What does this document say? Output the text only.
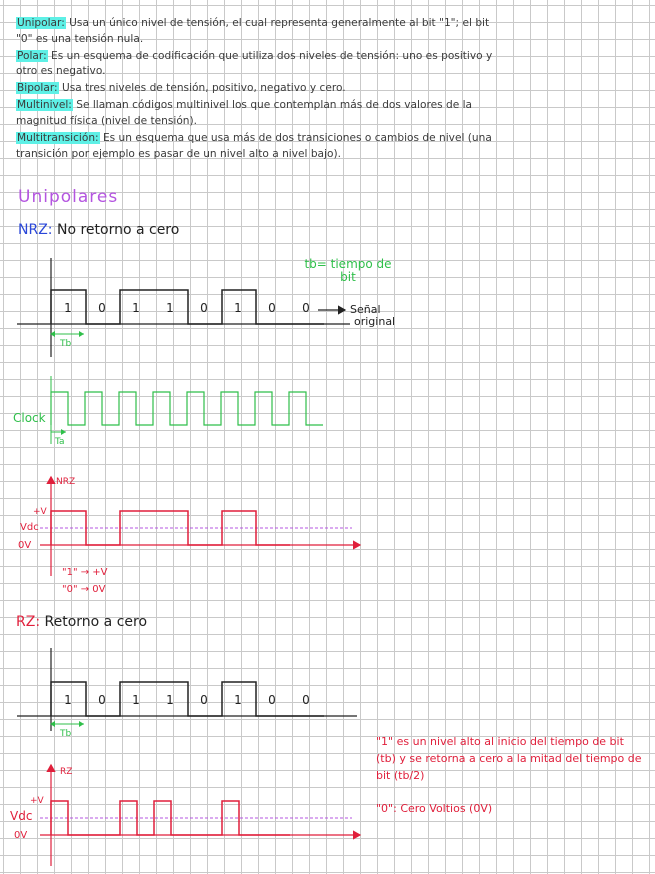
Unipolar: Usa un único nivel de tensión, el cual representa generalmente al bit "1"; el bit "0" es una tensión nula.

Polar: Es un esquema de codificación que utiliza dos niveles de tensión: uno es positivo y otro es negativo.

Bipolar: Usa tres niveles de tensión, positivo, negativo y cero.

Multinivel: Se llaman códigos multinivel los que contemplan más de dos valores de la magnitud física (nivel de tensión).

Multitransición: Es un esquema que usa más de dos transiciones o cambios de nivel (una transición por ejemplo es pasar de un nivel alto a nivel bajo).

Unipolares
NRZ: No retorno a cero
tb= tiempo de bit
Clock
RZ: Retorno a cero
"1" es un nivel alto al inicio del tiempo de bit (tb) y se retorna a cero a la mitad del tiempo de bit (tb/2)
"0": Cero Voltios (0V)
1 0 1 1 0 1 0 0
Tb
Señal
original
Ta
NRZ
+V
Vdc
0V
"1" → +V
"0" → 0V
1 0 1 1 0 1 0 0
Tb
RZ
+V
Vdc
0V
